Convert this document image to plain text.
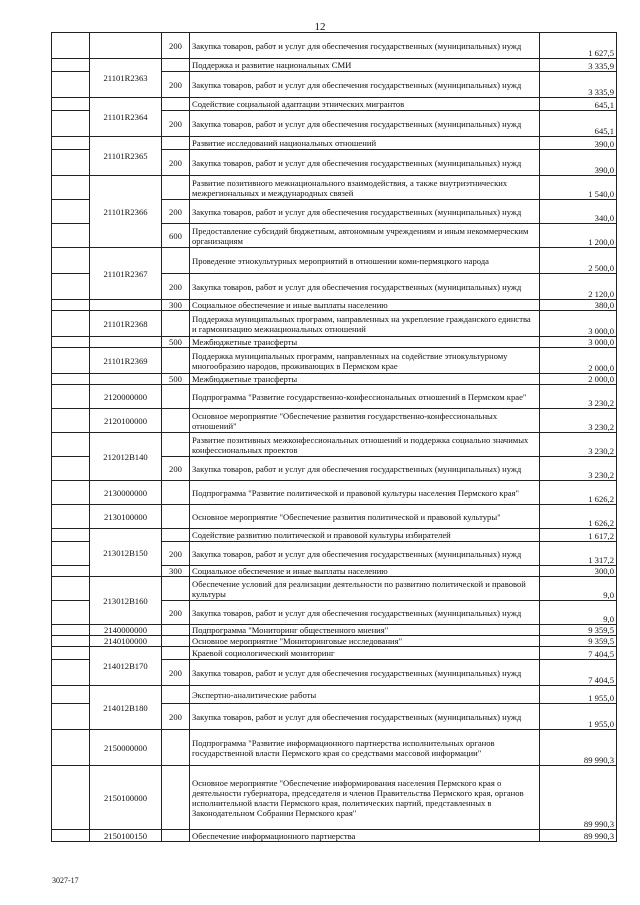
12
		200	Закупка товаров, работ и услуг для обеспечения государственных (муниципальных) нужд	1 627,5
	21101R2363		Поддержка и развитие национальных СМИ	3 335,9
		200	Закупка товаров, работ и услуг для обеспечения государственных (муниципальных) нужд	3 335,9
	21101R2364		Содействие социальной адаптации этнических мигрантов	645,1
		200	Закупка товаров, работ и услуг для обеспечения государственных (муниципальных) нужд	645,1
	21101R2365		Развитие исследований национальных отношений	390,0
		200	Закупка товаров, работ и услуг для обеспечения государственных (муниципальных) нужд	390,0
	21101R2366		Развитие позитивного межнационального взаимодействия, а также внутриэтнических межрегиональных и международных связей	1 540,0
		200	Закупка товаров, работ и услуг для обеспечения государственных (муниципальных) нужд	340,0
		600	Предоставление субсидий бюджетным, автономным учреждениям и иным некоммерческим организациям	1 200,0
	21101R2367		Проведение этнокультурных мероприятий в отношении коми-пермяцкого народа	2 500,0
		200	Закупка товаров, работ и услуг для обеспечения государственных (муниципальных) нужд	2 120,0
		300	Социальное обеспечение и иные выплаты населению	380,0
	21101R2368		Поддержка муниципальных программ, направленных на укрепление гражданского единства и гармонизацию межнациональных отношений	3 000,0
		500	Межбюджетные трансферты	3 000,0
	21101R2369		Поддержка муниципальных программ, направленных на содействие этнокультурному многообразию народов, проживающих в Пермском крае	2 000,0
		500	Межбюджетные трансферты	2 000,0
	2120000000		Подпрограмма "Развитие государственно-конфессиональных отношений в Пермском крае"	3 230,2
	2120100000		Основное мероприятие "Обеспечение развития государственно-конфессиональных отношений"	3 230,2
	212012В140		Развитие позитивных межконфессиональных отношений и поддержка социально значимых конфессиональных проектов	3 230,2
		200	Закупка товаров, работ и услуг для обеспечения государственных (муниципальных) нужд	3 230,2
	2130000000		Подпрограмма "Развитие политической и правовой культуры населения Пермского края"	1 626,2
	2130100000		Основное мероприятие "Обеспечение развития политической и правовой культуры"	1 626,2
	213012В150		Содействие развитию политической и правовой культуры избирателей	1 617,2
		200	Закупка товаров, работ и услуг для обеспечения государственных (муниципальных) нужд	1 317,2
		300	Социальное обеспечение и иные выплаты населению	300,0
	213012В160		Обеспечение условий для реализации деятельности по развитию политической и правовой культуры	9,0
		200	Закупка товаров, работ и услуг для обеспечения государственных (муниципальных) нужд	9,0
	2140000000		Подпрограмма "Мониторинг общественного мнения"	9 359,5
	2140100000		Основное мероприятие "Мониторинговые исследования"	9 359,5
	214012В170		Краевой социологический мониторинг	7 404,5
		200	Закупка товаров, работ и услуг для обеспечения государственных (муниципальных) нужд	7 404,5
	214012В180		Экспертно-аналитические работы	1 955,0
		200	Закупка товаров, работ и услуг для обеспечения государственных (муниципальных) нужд	1 955,0
	2150000000		Подпрограмма "Развитие информационного партнерства исполнительных органов государственной власти Пермского края со средствами массовой информации"	89 990,3
	2150100000		Основное мероприятие "Обеспечение информирования населения Пермского края о деятельности губернатора, председателя и членов Правительства Пермского края, органов исполнительной власти Пермского края, политических партий, представленных в Законодательном Собрании Пермского края"	89 990,3
	2150100150		Обеспечение информационного партнерства	89 990,3
3027-17
